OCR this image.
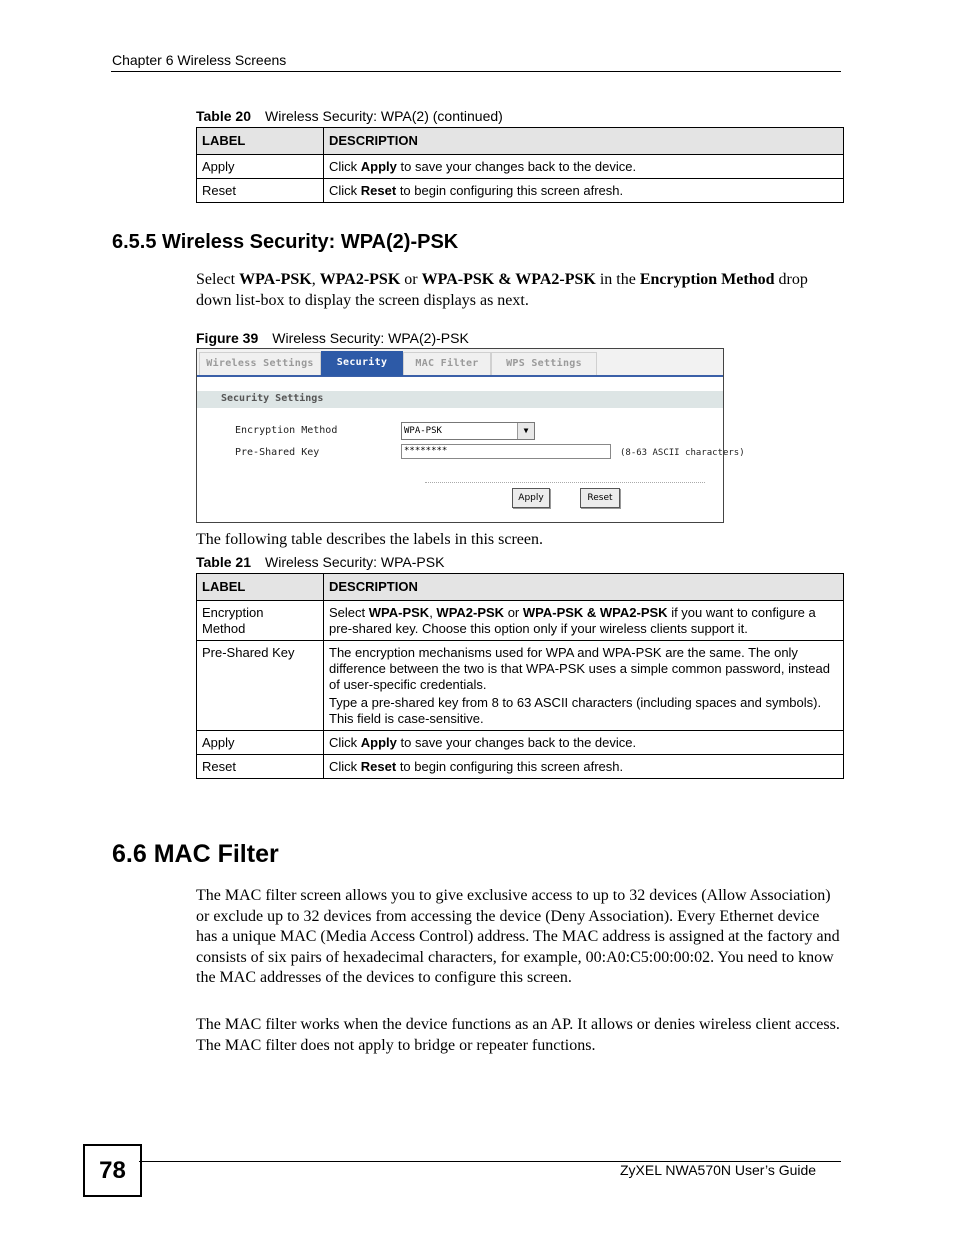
Chapter 6 Wireless Screens
Table 20 Wireless Security: WPA(2) (continued)
LABEL	DESCRIPTION
Apply	Click Apply to save your changes back to the device.
Reset	Click Reset to begin configuring this screen afresh.
6.5.5 Wireless Security: WPA(2)-PSK

Select WPA-PSK, WPA2-PSK or WPA-PSK & WPA2-PSK in the Encryption Method drop down list-box to display the screen displays as next.

Figure 39 Wireless Security: WPA(2)-PSK
Wireless Settings	Security	MAC Filter	WPS Settings
Security Settings
Encryption Method	WPA-PSK	▼
Pre-Shared Key	********	(8-63 ASCII characters)
Apply	Reset

The following table describes the labels in this screen.

Table 21 Wireless Security: WPA-PSK
LABEL	DESCRIPTION
Encryption Method	Select WPA-PSK, WPA2-PSK or WPA-PSK & WPA2-PSK if you want to configure a pre-shared key. Choose this option only if your wireless clients support it.
Pre-Shared Key	The encryption mechanisms used for WPA and WPA-PSK are the same. The only difference between the two is that WPA-PSK uses a simple common password, instead of user-specific credentials.

Type a pre-shared key from 8 to 63 ASCII characters (including spaces and symbols). This field is case-sensitive.

Apply	Click Apply to save your changes back to the device.
Reset	Click Reset to begin configuring this screen afresh.
6.6 MAC Filter

The MAC filter screen allows you to give exclusive access to up to 32 devices (Allow Association) or exclude up to 32 devices from accessing the device (Deny Association). Every Ethernet device has a unique MAC (Media Access Control) address. The MAC address is assigned at the factory and consists of six pairs of hexadecimal characters, for example, 00:A0:C5:00:00:02. You need to know the MAC addresses of the devices to configure this screen.

The MAC filter works when the device functions as an AP. It allows or denies wireless client access. The MAC filter does not apply to bridge or repeater functions.

78	ZyXEL NWA570N User’s Guide
